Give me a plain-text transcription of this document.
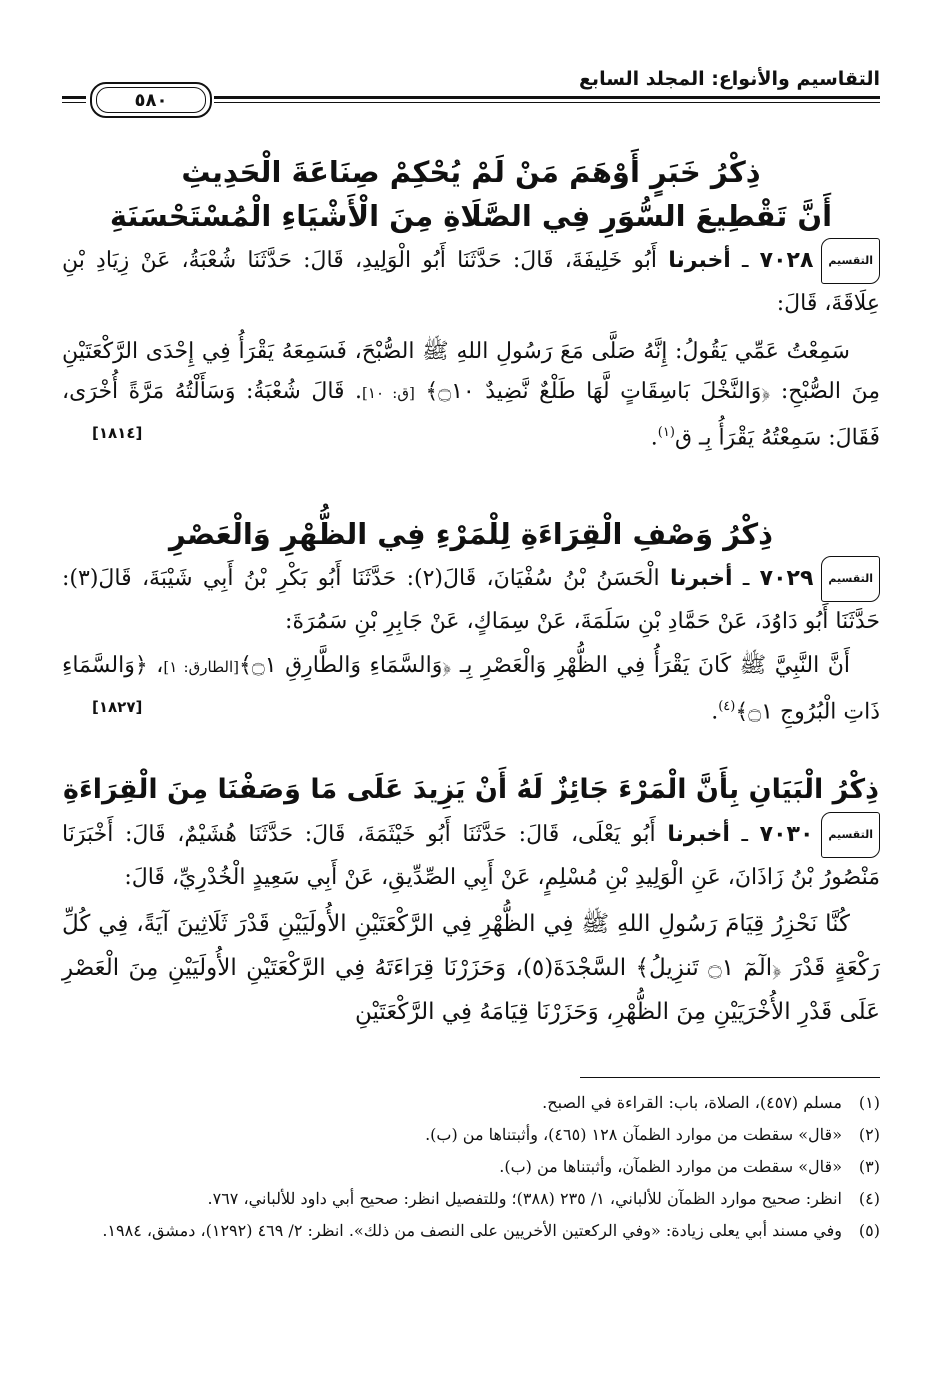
التقاسيم والأنواع: المجلد السابع
٥٨٠

ذِكْرُ خَبَرٍ أَوْهَمَ مَنْ لَمْ يُحْكِمْ صِنَاعَةَ الْحَدِيثِ

أَنَّ تَقْطِيعَ السُّوَرِ فِي الصَّلَاةِ مِنَ الْأَشْيَاءِ الْمُسْتَحْسَنَةِ

التقسيم٧٠٢٨ ـ أخبرنا أَبُو خَلِيفَةَ، قَالَ: حَدَّثَنَا أَبُو الْوَلِيدِ، قَالَ: حَدَّثَنَا شُعْبَةُ، عَنْ زِيَادِ بْنِ عِلَاقَةَ، قَالَ:

سَمِعْتُ عَمِّي يَقُولُ: إِنَّهُ صَلَّى مَعَ رَسُولِ اللهِ ﷺ الصُّبْحَ، فَسَمِعَهُ يَقْرَأُ فِي إِحْدَى الرَّكْعَتَيْنِ مِنَ الصُّبْحِ: ﴿وَالنَّخْلَ بَاسِقَاتٍ لَّهَا طَلْعٌ نَّضِيدٌ ۝١٠﴾ [ق: ١٠]. قَالَ شُعْبَةُ: وَسَأَلْتُهُ مَرَّةً أُخْرَى، فَقَالَ: سَمِعْتُهُ يَقْرَأُ بِـ ق$^{(١)}$.
[١٨١٤]

ذِكْرُ وَصْفِ الْقِرَاءَةِ لِلْمَرْءِ فِي الظُّهْرِ وَالْعَصْرِ

التقسيم٧٠٢٩ ـ أخبرنا الْحَسَنُ بْنُ سُفْيَانَ، قَالَ(٢): حَدَّثَنَا أَبُو بَكْرِ بْنُ أَبِي شَيْبَةَ، قَالَ(٣): حَدَّثَنَا أَبُو دَاوُدَ، عَنْ حَمَّادِ بْنِ سَلَمَةَ، عَنْ سِمَاكٍ، عَنْ جَابِرِ بْنِ سَمُرَةَ:

أَنَّ النَّبِيَّ ﷺ كَانَ يَقْرَأُ فِي الظُّهْرِ وَالْعَصْرِ بِـ ﴿وَالسَّمَاءِ وَالطَّارِقِ ۝١﴾[الطارق: ١]، ﴿وَالسَّمَاءِ ذَاتِ الْبُرُوجِ ۝١﴾$^{(٤)}$.
[١٨٢٧]

ذِكْرُ الْبَيَانِ بِأَنَّ الْمَرْءَ جَائِزٌ لَهُ أَنْ يَزِيدَ عَلَى مَا وَصَفْنَا مِنَ الْقِرَاءَةِ

التقسيم٧٠٣٠ ـ أخبرنا أَبُو يَعْلَى، قَالَ: حَدَّثَنَا أَبُو خَيْثَمَةَ، قَالَ: حَدَّثَنَا هُشَيْمٌ، قَالَ: أَخْبَرَنَا مَنْصُورُ بْنُ زَاذَانَ، عَنِ الْوَلِيدِ بْنِ مُسْلِمٍ، عَنْ أَبِي الصِّدِّيقِ، عَنْ أَبِي سَعِيدٍ الْخُدْرِيِّ، قَالَ:

كُنَّا نَحْزِرُ قِيَامَ رَسُولِ اللهِ ﷺ فِي الظُّهْرِ فِي الرَّكْعَتَيْنِ الأُولَيَيْنِ قَدْرَ ثَلَاثِينَ آيَةً، فِي كُلِّ رَكْعَةٍ قَدْرَ ﴿الٓمٓ ۝١ تَنزِيلُ﴾ السَّجْدَةَ(٥)، وَحَزَرْنَا قِرَاءَتَهُ فِي الرَّكْعَتَيْنِ الأُولَيَيْنِ مِنَ الْعَصْرِ عَلَى قَدْرِ الأُخْرَيَيْنِ مِنَ الظُّهْرِ، وَحَزَرْنَا قِيَامَهُ فِي الرَّكْعَتَيْنِ

(١)
مسلم (٤٥٧)، الصلاة، باب: القراءة في الصبح.

(٢)
«قال» سقطت من موارد الظمآن ١٢٨ (٤٦٥)، وأثبتناها من (ب).

(٣)
«قال» سقطت من موارد الظمآن، وأثبتناها من (ب).

(٤)
انظر: صحيح موارد الظمآن للألباني، ١/ ٢٣٥ (٣٨٨)؛ وللتفصيل انظر: صحيح أبي داود للألباني، ٧٦٧.

(٥)
وفي مسند أبي يعلى زيادة: «وفي الركعتين الأخريين على النصف من ذلك». انظر: ٢/ ٤٦٩ (١٢٩٢)، دمشق، ١٩٨٤.
